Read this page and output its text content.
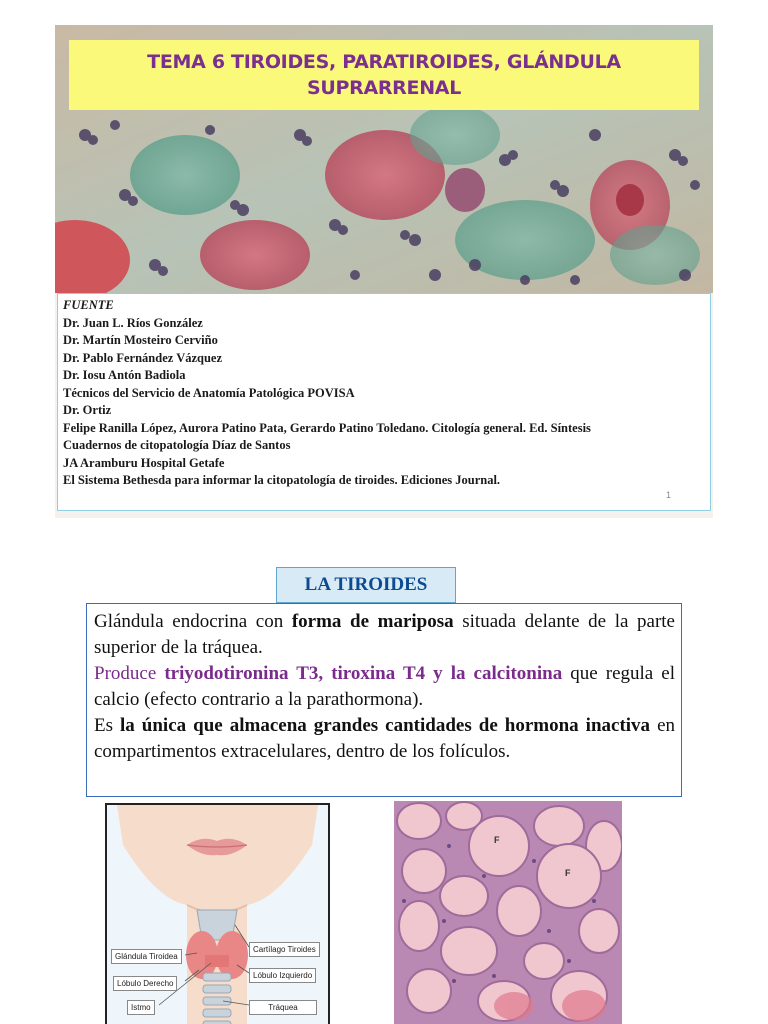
TEMA 6 TIROIDES, PARATIROIDES, GLÁNDULA
SUPRARRENAL
FUENTE
Dr. Juan L. Ríos González
Dr. Martín Mosteiro Cerviño
Dr. Pablo Fernández Vázquez
Dr. Iosu Antón Badiola
Técnicos del Servicio de Anatomía Patológica POVISA
Dr. Ortiz
Felipe Ranilla López, Aurora Patino Pata, Gerardo Patino Toledano. Citología general. Ed. Síntesis
Cuadernos de citopatología Díaz de Santos
JA Aramburu Hospital Getafe
El Sistema Bethesda para informar la citopatología de tiroides. Ediciones Journal.
1
LA TIROIDES

Glándula endocrina con forma de mariposa situada delante de la parte superior de la tráquea.

Produce triyodotironina T3, tiroxina T4 y la calcitonina que regula el calcio (efecto contrario a la parathormona).

Es la única que almacena grandes cantidades de hormona inactiva en compartimentos extracelulares, dentro de los folículos.

Glándula Tiroidea
Cartílago Tiroides
Lóbulo Derecho
Lóbulo Izquierdo
Istmo	Tráquea
F
F
